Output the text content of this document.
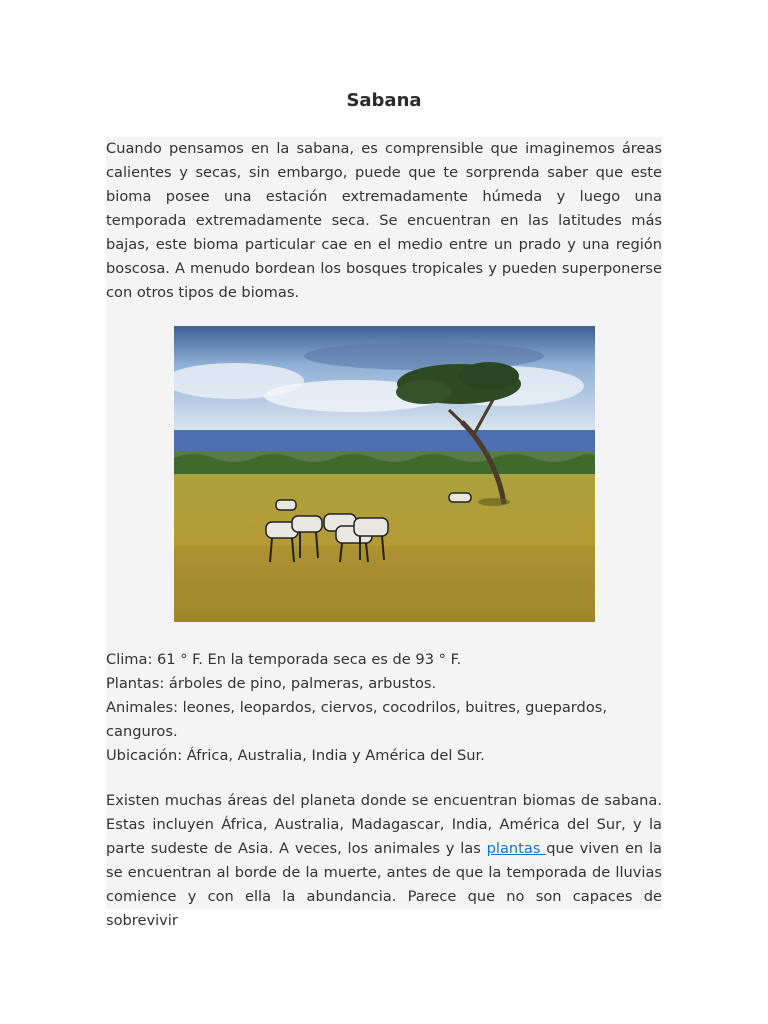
Sabana

Cuando pensamos en la sabana, es comprensible que imaginemos áreas calientes y secas, sin embargo, puede que te sorprenda saber que este bioma posee una estación extremadamente húmeda y luego una temporada extremadamente seca. Se encuentran en las latitudes más bajas, este bioma particular cae en el medio entre un prado y una región boscosa. A menudo bordean los bosques tropicales y pueden superponerse con otros tipos de biomas.

Clima: 61 ° F. En la temporada seca es de 93 ° F.
Plantas: árboles de pino, palmeras, arbustos.
Animales: leones, leopardos, ciervos, cocodrilos, buitres, guepardos,
canguros.
Ubicación: África, Australia, India y América del Sur.

Existen muchas áreas del planeta donde se encuentran biomas de sabana. Estas incluyen África, Australia, Madagascar, India, América del Sur, y la parte sudeste de Asia. A veces, los animales y las plantas que viven en la se encuentran al borde de la muerte, antes de que la temporada de lluvias comience y con ella la abundancia. Parece que no son capaces de sobrevivir
